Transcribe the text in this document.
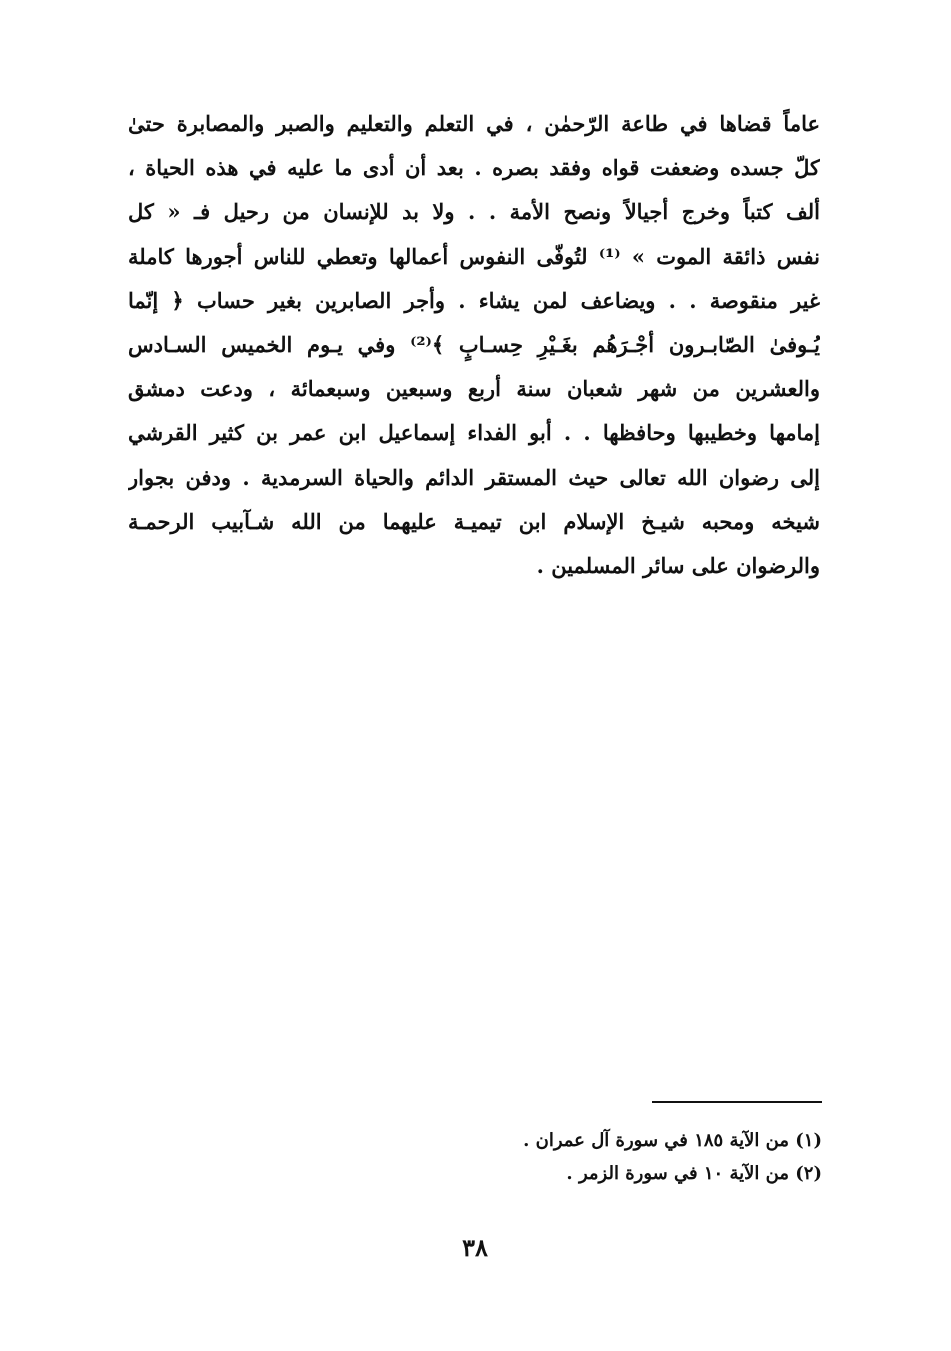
عاماً قضاها في طاعة الرّحمٰن ، في التعلم والتعليم والصبر والمصابرة حتىٰ
كلّ جسده وضعفت قواه وفقد بصره . بعد أن أدى ما عليه في هذه الحياة ،
ألف كتباً وخرج أجيالاً ونصح الأمة . . ولا بد للإنسان من رحيل فـ « كل
نفس ذائقة الموت » ⁽¹⁾ لتُوفّى النفوس أعمالها وتعطي للناس أجورها كاملة
غير منقوصة . . ويضاعف لمن يشاء . وأجر الصابرين بغير حساب ﴿ إنّما
يُـوفىٰ الصّابـرون أجْـرَهُم بغَـيْرِ حِسـابٍ ﴾⁽²⁾ وفي يـوم الخميس السـادس
والعشرين من شهر شعبان سنة أربع وسبعين وسبعمائة ، ودعت دمشق
إمامها وخطيبها وحافظها . . أبو الفداء إسماعيل ابن عمر بن كثير القرشي
إلى رضوان الله تعالى حيث المستقر الدائم والحياة السرمدية . ودفن بجوار
شيخه ومحبه شيـخ الإسلام ابن تيميـة عليهما من الله شـآبيب الرحمـة
والرضوان على سائر المسلمين .
(١) من الآية ١٨٥ في سورة آل عمران .
(٢) من الآية ١٠ في سورة الزمر .
٣٨
